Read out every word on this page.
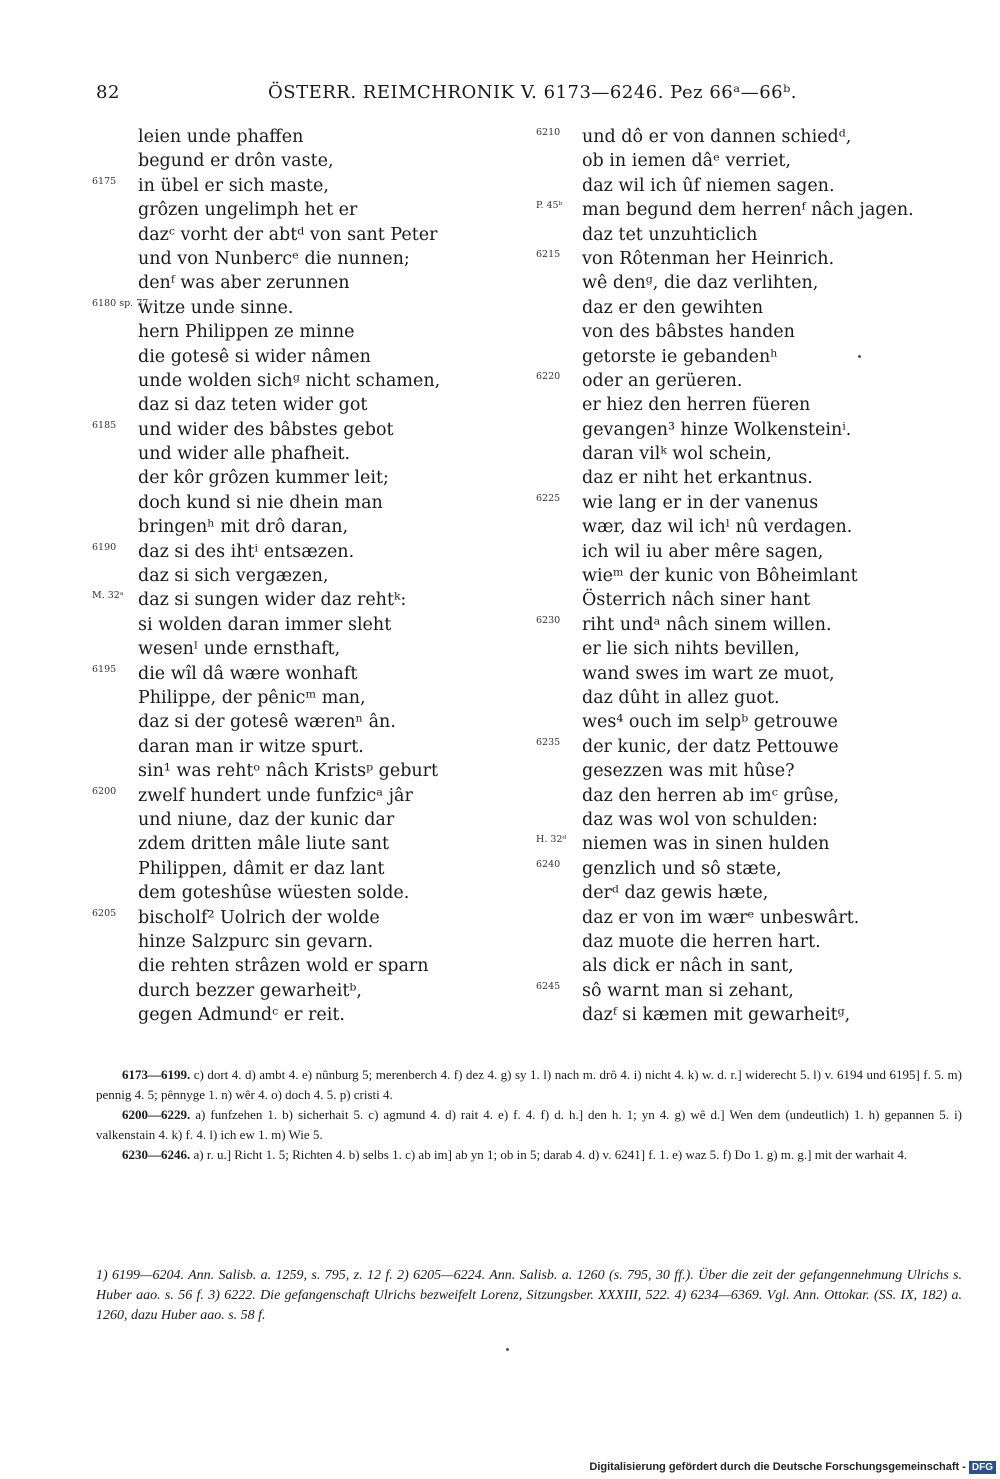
82	ÖSTERR. REIMCHRONIK V. 6173—6246. Pez 66ᵃ—66ᵇ.
leien unde phaffen
begund er drôn vaste,
6175	in übel er sich maste,
grôzen ungelimph het er
dazᶜ vorht der abtᵈ von sant Peter
und von Nunbercᵉ die nunnen;
denᶠ was aber zerunnen
6180 sp. 77
witze unde sinne.
hern Philippen ze minne
die gotesê si wider nâmen
unde wolden sichᵍ nicht schamen,
daz si daz teten wider got
6185	und wider des bâbstes gebot
und wider alle phafheit.
der kôr grôzen kummer leit;
doch kund si nie dhein man
bringenʰ mit drô daran,
6190	daz si des ihtⁱ entsæzen.
daz si sich vergæzen,
M. 32ᵃ daz si sungen wider daz rehtᵏ:
si wolden daran immer sleht
wesenˡ unde ernsthaft,
6195	die wîl dâ wære wonhaft
Philippe, der pênicᵐ man,
daz si der gotesê wærenⁿ ân.
daran man ir witze spurt.
sin¹ was rehtᵒ nâch Kristsᵖ geburt
6200	zwelf hundert unde funfzicᵃ jâr
und niune, daz der kunic dar
zdem dritten mâle liute sant
Philippen, dâmit er daz lant
dem goteshûse wüesten solde.
6205	bischolf² Uolrich der wolde
hinze Salzpurc sin gevarn.
die rehten strâzen wold er sparn
durch bezzer gewarheitᵇ,
gegen Admundᶜ er reit.
6210	und dô er von dannen schiedᵈ,
ob in iemen dâᵉ verriet,
daz wil ich ûf niemen sagen.
P. 45ᵇ	man begund dem herrenᶠ nâch jagen.
daz tet unzuhticlich
6215	von Rôtenman her Heinrich.
wê denᵍ, die daz verlihten,
daz er den gewihten
von des bâbstes handen
getorste ie gebandenʰ
6220	oder an gerüeren.
er hiez den herren füeren
gevangen³ hinze Wolkensteinⁱ.
daran vilᵏ wol schein,
daz er niht het erkantnus.
6225	wie lang er in der vanenus
wær, daz wil ichˡ nû verdagen.
ich wil iu aber mêre sagen,
wieᵐ der kunic von Bôheimlant
Österrich nâch siner hant
6230	riht undᵃ nâch sinem willen.
er lie sich nihts bevillen,
wand swes im wart ze muot,
daz dûht in allez guot.
wes⁴ ouch im selpᵇ getrouwe
6235	der kunic, der datz Pettouwe
gesezzen was mit hûse?
daz den herren ab imᶜ grûse,
daz was wol von schulden:
H. 32ᵈ niemen was in sinen hulden
6240	genzlich und sô stæte,
derᵈ daz gewis hæte,
daz er von im wærᵉ unbeswârt.
daz muote die herren hart.
als dick er nâch in sant,
6245	sô warnt man si zehant,
dazᶠ si kæmen mit gewarheitᵍ,

  6173—6199. c) dort 4. d) ambt 4. e) nûnburg 5; merenberch 4. f) dez 4. g) sy 1. l) nach m. drô 4. i) nicht 4. k) w. d. r.] widerecht 5. l) v. 6194 und 6195] f. 5. m) pennig 4. 5; pênnyge 1. n) wêr 4. o) doch 4. 5. p) cristi 4.

  6200—6229. a) funfzehen 1. b) sicherhait 5. c) agmund 4. d) rait 4. e) f. 4. f) d. h.] den h. 1; yn 4. g) wê d.] Wen dem (undeutlich) 1. h) gepannen 5. i) valkenstain 4. k) f. 4. l) ich ew 1. m) Wie 5.

  6230—6246. a) r. u.] Richt 1. 5; Richten 4. b) selbs 1. c) ab im] ab yn 1; ob in 5; darab 4. d) v. 6241] f. 1. e) waz 5. f) Do 1. g) m. g.] mit der warhait 4.

1) 6199—6204. Ann. Salisb. a. 1259, s. 795, z. 12 f. 2) 6205—6224. Ann. Salisb. a. 1260 (s. 795, 30 ff.). Über die zeit der gefangennehmung Ulrichs s. Huber aao. s. 56 f. 3) 6222. Die gefangenschaft Ulrichs bezweifelt Lorenz, Sitzungsber. XXXIII, 522. 4) 6234—6369. Vgl. Ann. Ottokar. (SS. IX, 182) a. 1260, dazu Huber aao. s. 58 f.
Digitalisierung gefördert durch die Deutsche Forschungsgemeinschaft - DFG
